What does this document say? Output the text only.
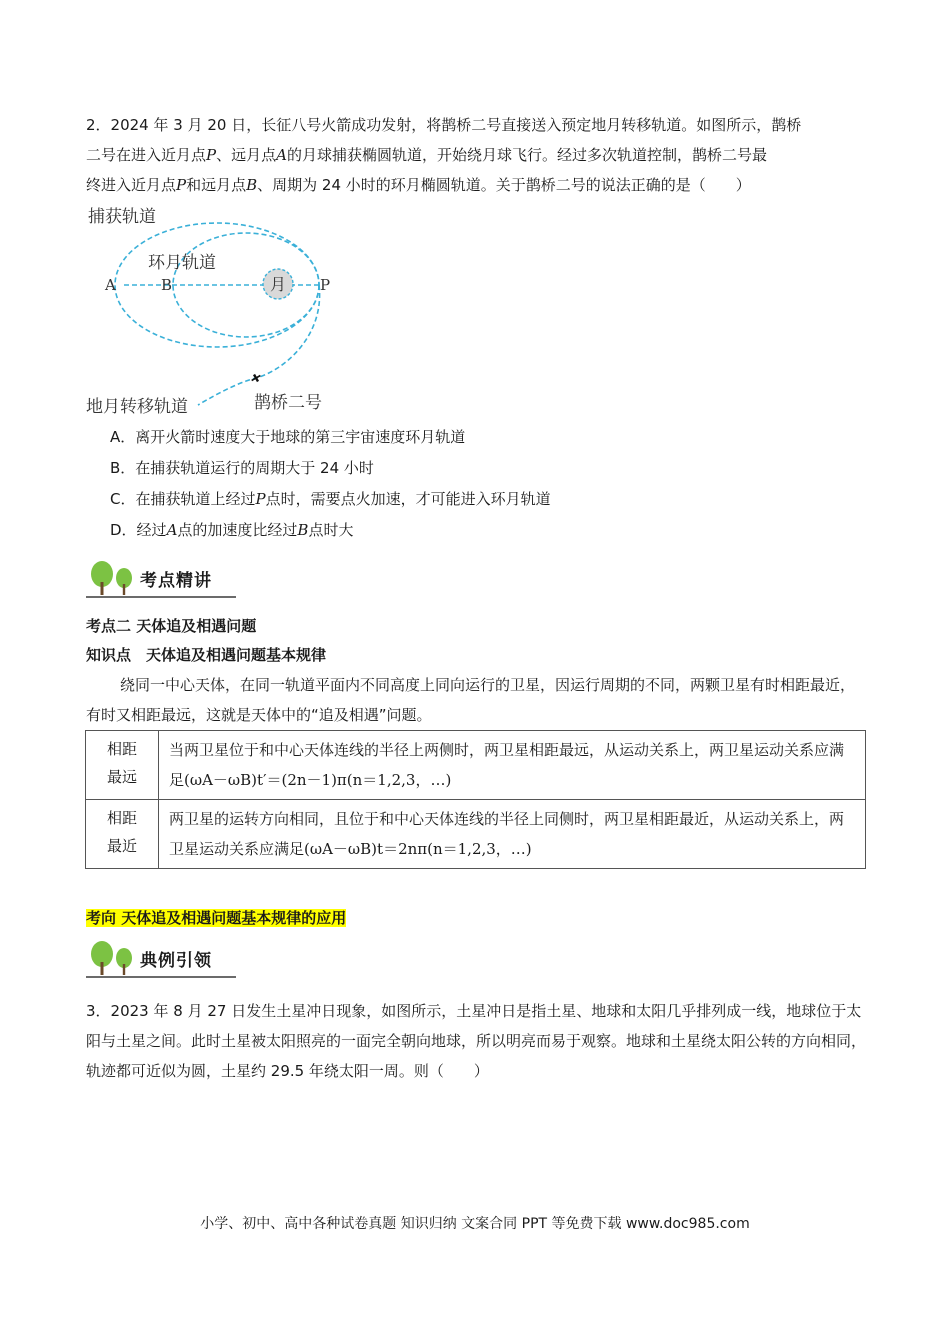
2．2024 年 3 月 20 日，长征八号火箭成功发射，将鹊桥二号直接送入预定地月转移轨道。如图所示，鹊桥
二号在进入近月点P、远月点A的月球捕获椭圆轨道，开始绕月球飞行。经过多次轨道控制，鹊桥二号最
终进入近月点P和远月点B、周期为 24 小时的环月椭圆轨道。关于鹊桥二号的说法正确的是（　　）
月
捕获轨道
环月轨道
A	B	P
地月转移轨道	鹊桥二号
A．离开火箭时速度大于地球的第三宇宙速度环月轨道
B．在捕获轨道运行的周期大于 24 小时
C．在捕获轨道上经过P点时，需要点火加速，才可能进入环月轨道
D．经过A点的加速度比经过B点时大
考点精讲
考点二 天体追及相遇问题
知识点　天体追及相遇问题基本规律
绕同一中心天体，在同一轨道平面内不同高度上同向运行的卫星，因运行周期的不同，两颗卫星有时相距最近，有时又相距最远，这就是天体中的“追及相遇”问题。
相距
最远	当两卫星位于和中心天体连线的半径上两侧时，两卫星相距最远，从运动关系上，两卫星运动关系应满足(ωA－ωB)t′＝(2n－1)π(n＝1,2,3，…)

相距
最近	两卫星的运转方向相同，且位于和中心天体连线的半径上同侧时，两卫星相距最近，从运动关系上，两卫星运动关系应满足(ωA－ωB)t＝2nπ(n＝1,2,3，…)
考向 天体追及相遇问题基本规律的应用
典例引领
3．2023 年 8 月 27 日发生土星冲日现象，如图所示，土星冲日是指土星、地球和太阳几乎排列成一线，地球位于太阳与土星之间。此时土星被太阳照亮的一面完全朝向地球，所以明亮而易于观察。地球和土星绕太阳公转的方向相同，轨迹都可近似为圆，土星约 29.5 年绕太阳一周。则（　　）
小学、初中、高中各种试卷真题 知识归纳 文案合同 PPT 等免费下载 www.doc985.com
